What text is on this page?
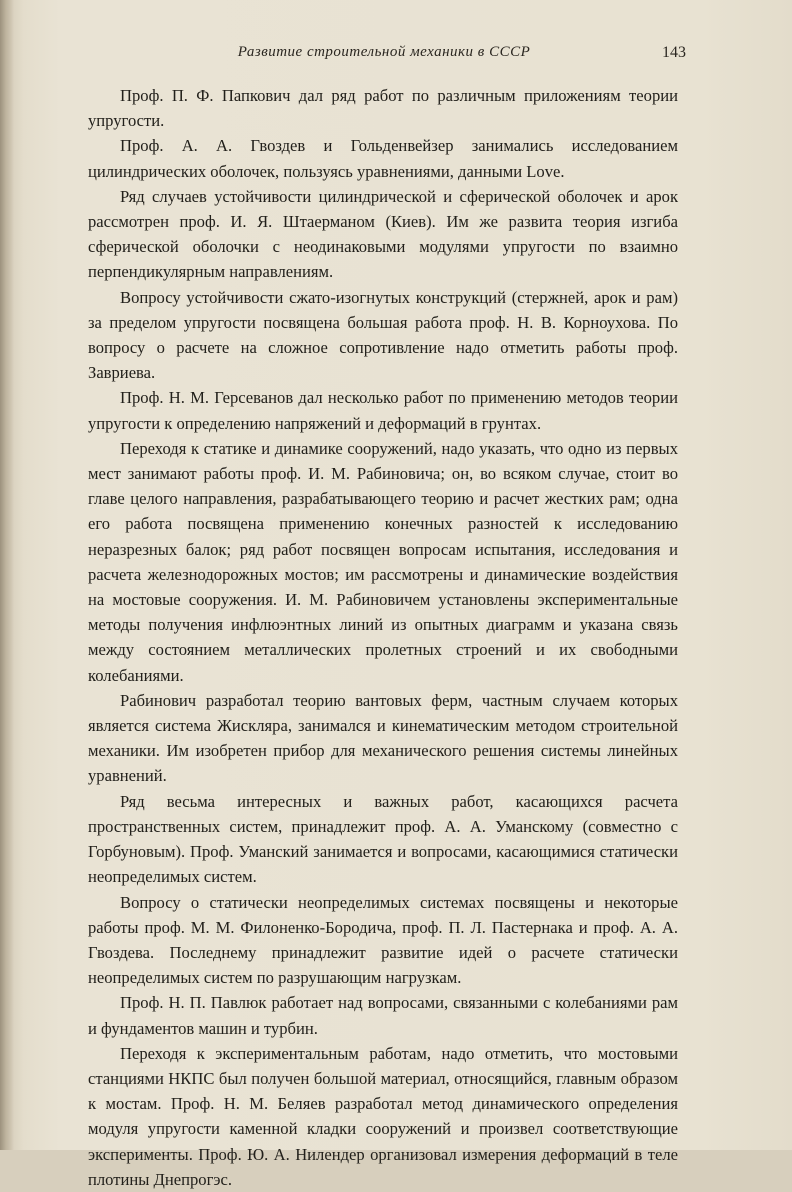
Развитие строительной механики в СССР	143

Проф. П. Ф. Папкович дал ряд работ по различным приложениям теории упругости.

Проф. А. А. Гвоздев и Гольденвейзер занимались исследованием цилиндрических оболочек, пользуясь уравнениями, данными Love.

Ряд случаев устойчивости цилиндрической и сферической оболочек и арок рассмотрен проф. И. Я. Штаерманом (Киев). Им же развита теория изгиба сферической оболочки с неодинаковыми модулями упругости по взаимно перпендикулярным направлениям.

Вопросу устойчивости сжато-изогнутых конструкций (стержней, арок и рам) за пределом упругости посвящена большая работа проф. Н. В. Корноухова. По вопросу о расчете на сложное сопротивление надо отметить работы проф. Завриева.

Проф. Н. М. Герсеванов дал несколько работ по применению методов теории упругости к определению напряжений и деформаций в грунтах.

Переходя к статике и динамике сооружений, надо указать, что одно из первых мест занимают работы проф. И. М. Рабиновича; он, во всяком случае, стоит во главе целого направления, разрабатывающего теорию и расчет жестких рам; одна его работа посвящена применению конечных разностей к исследованию неразрезных балок; ряд работ посвящен вопросам испытания, исследования и расчета железнодорожных мостов; им рассмотрены и динамические воздействия на мостовые сооружения. И. М. Рабиновичем установлены экспериментальные методы получения инфлюэнтных линий из опытных диаграмм и указана связь между состоянием металлических пролетных строений и их свободными колебаниями.

Рабинович разработал теорию вантовых ферм, частным случаем которых является система Жискляра, занимался и кинематическим методом строительной механики. Им изобретен прибор для механического решения системы линейных уравнений.

Ряд весьма интересных и важных работ, касающихся расчета пространственных систем, принадлежит проф. А. А. Уманскому (совместно с Горбуновым). Проф. Уманский занимается и вопросами, касающимися статически неопределимых систем.

Вопросу о статически неопределимых системах посвящены и некоторые работы проф. М. М. Филоненко-Бородича, проф. П. Л. Пастернака и проф. А. А. Гвоздева. Последнему принадлежит развитие идей о расчете статически неопределимых систем по разрушающим нагрузкам.

Проф. Н. П. Павлюк работает над вопросами, связанными с колебаниями рам и фундаментов машин и турбин.

Переходя к экспериментальным работам, надо отметить, что мостовыми станциями НКПС был получен большой материал, относящийся, главным образом к мостам. Проф. Н. М. Беляев разработал метод динамического определения модуля упругости каменной кладки сооружений и произвел соответствующие эксперименты. Проф. Ю. А. Нилендер организовал измерения деформаций в теле плотины Днепрогэс.
